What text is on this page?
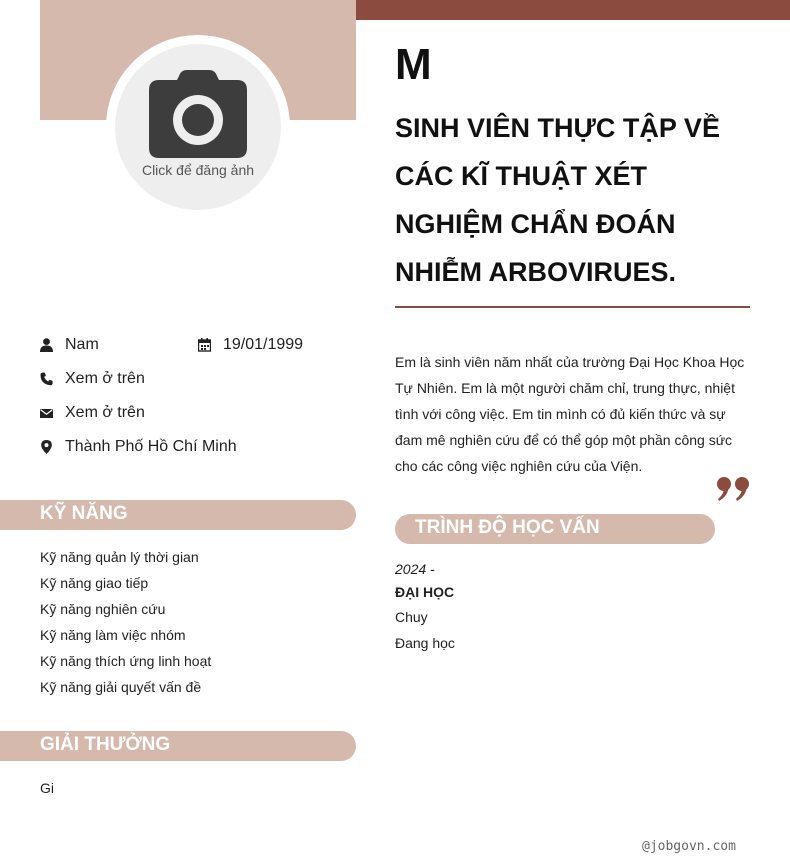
Click để đăng ảnh
M
SINH VIÊN THỰC TẬP VỀ CÁC KĨ THUẬT XÉT NGHIỆM CHẨN ĐOÁN NHIỄM ARBOVIRUES.
Nam	19/01/1999
Xem ở trên
Xem ở trên
Thành Phố Hồ Chí Minh
KỸ NĂNG
Kỹ năng quản lý thời gian
Kỹ năng giao tiếp
Kỹ năng nghiên cứu
Kỹ năng làm việc nhóm
Kỹ năng thích ứng linh hoạt
Kỹ năng giải quyết vấn đề
GIẢI THƯỞNG
Gi

Em là sinh viên năm nhất của trường Đại Học Khoa Học Tự Nhiên. Em là một người chăm chỉ, trung thực, nhiệt tình với công việc. Em tin mình có đủ kiến thức và sự đam mê nghiên cứu để có thể góp một phần công sức cho các công việc nghiên cứu của Viện.

TRÌNH ĐỘ HỌC VẤN
2024 -
ĐẠI HỌC
Chuy
Đang học
@jobgovn.com
